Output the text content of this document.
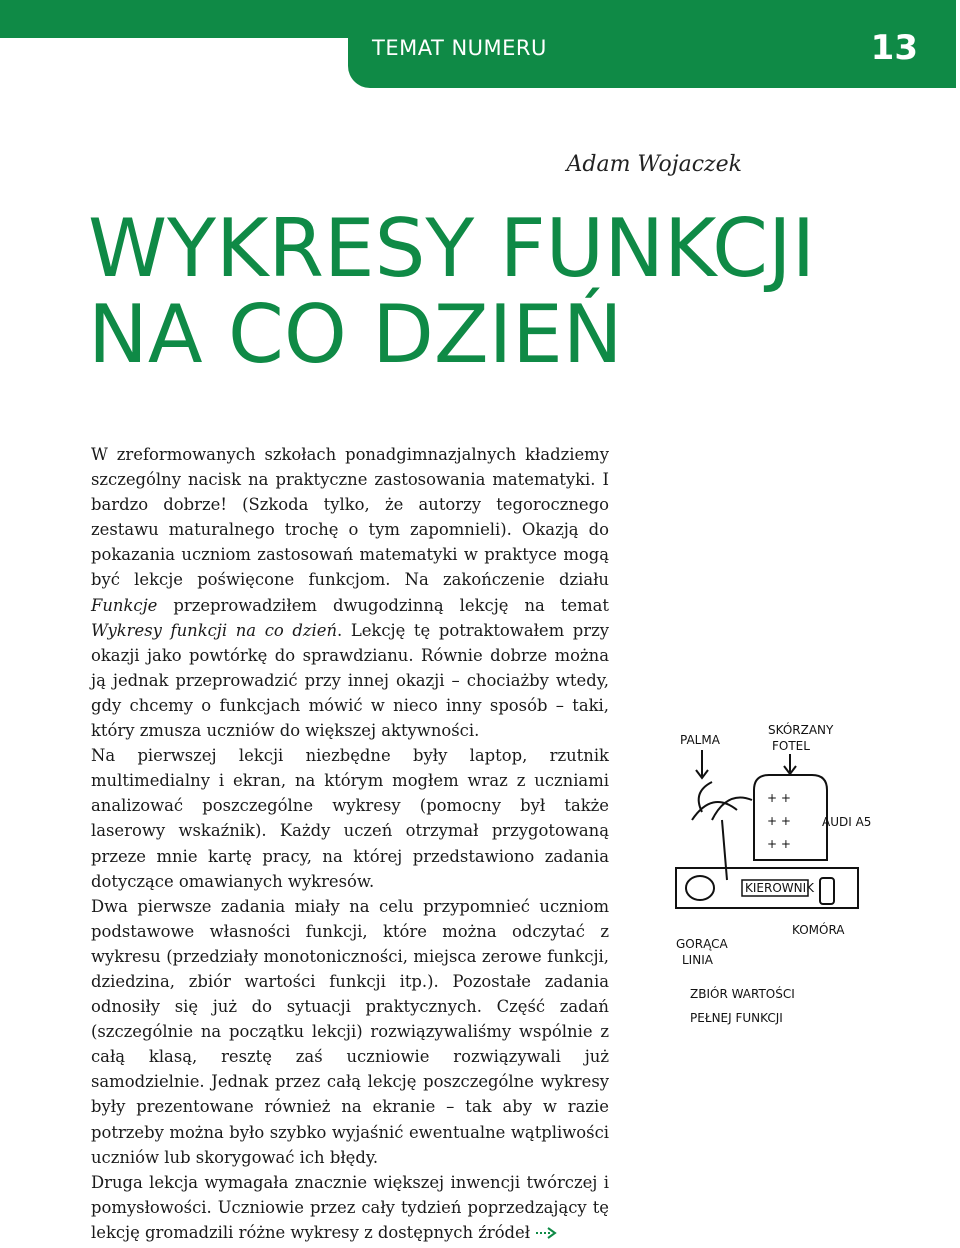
TEMAT NUMERU	13
Adam Wojaczek
WYKRESY FUNKCJI
NA CO DZIEŃ

W zreformowanych szkołach ponadgimnazjalnych kładziemy szczególny nacisk na praktyczne zastosowania matematyki. I bardzo dobrze! (Szkoda tylko, że autorzy tegorocznego zestawu maturalnego trochę o tym zapomnieli). Okazją do pokazania uczniom zastosowań matematyki w praktyce mogą być lekcje poświęcone funkcjom. Na zakończenie działu Funkcje przeprowadziłem dwugodzinną lekcję na temat Wykresy funkcji na co dzień. Lekcję tę potraktowałem przy okazji jako powtórkę do sprawdzianu. Równie dobrze można ją jednak przeprowadzić przy innej okazji – chociażby wtedy, gdy chcemy o funkcjach mówić w nieco inny sposób – taki, który zmusza uczniów do większej aktywności.

Na pierwszej lekcji niezbędne były laptop, rzutnik multimedialny i ekran, na którym mogłem wraz z uczniami analizować poszczególne wykresy (pomocny był także laserowy wskaźnik). Każdy uczeń otrzymał przygotowaną przeze mnie kartę pracy, na której przedstawiono zadania dotyczące omawianych wykresów.

Dwa pierwsze zadania miały na celu przypomnieć uczniom podstawowe własności funkcji, które można odczytać z wykresu (przedziały monotoniczności, miejsca zerowe funkcji, dziedzina, zbiór wartości funkcji itp.). Pozostałe zadania odnosiły się już do sytuacji praktycznych. Część zadań (szczególnie na początku lekcji) rozwiązywaliśmy wspólnie z całą klasą, resztę zaś uczniowie rozwiązywali już samodzielnie. Jednak przez całą lekcję poszczególne wykresy były prezentowane również na ekranie – tak aby w razie potrzeby można było szybko wyjaśnić ewentualne wątpliwości uczniów lub skorygować ich błędy.

Druga lekcja wymagała znacznie większej inwencji twórczej i pomysłowości. Uczniowie przez cały tydzień poprzedzający tę lekcję gromadzili różne wykresy z dostępnych źródeł

PALMA
SKÓRZANY
FOTEL
+ +
+ +
+ +
AUDI A5
KIEROWNIK
GORĄCA
LINIA
KOMÓRA
ZBIÓR WARTOŚCI
PEŁNEJ FUNKCJI
